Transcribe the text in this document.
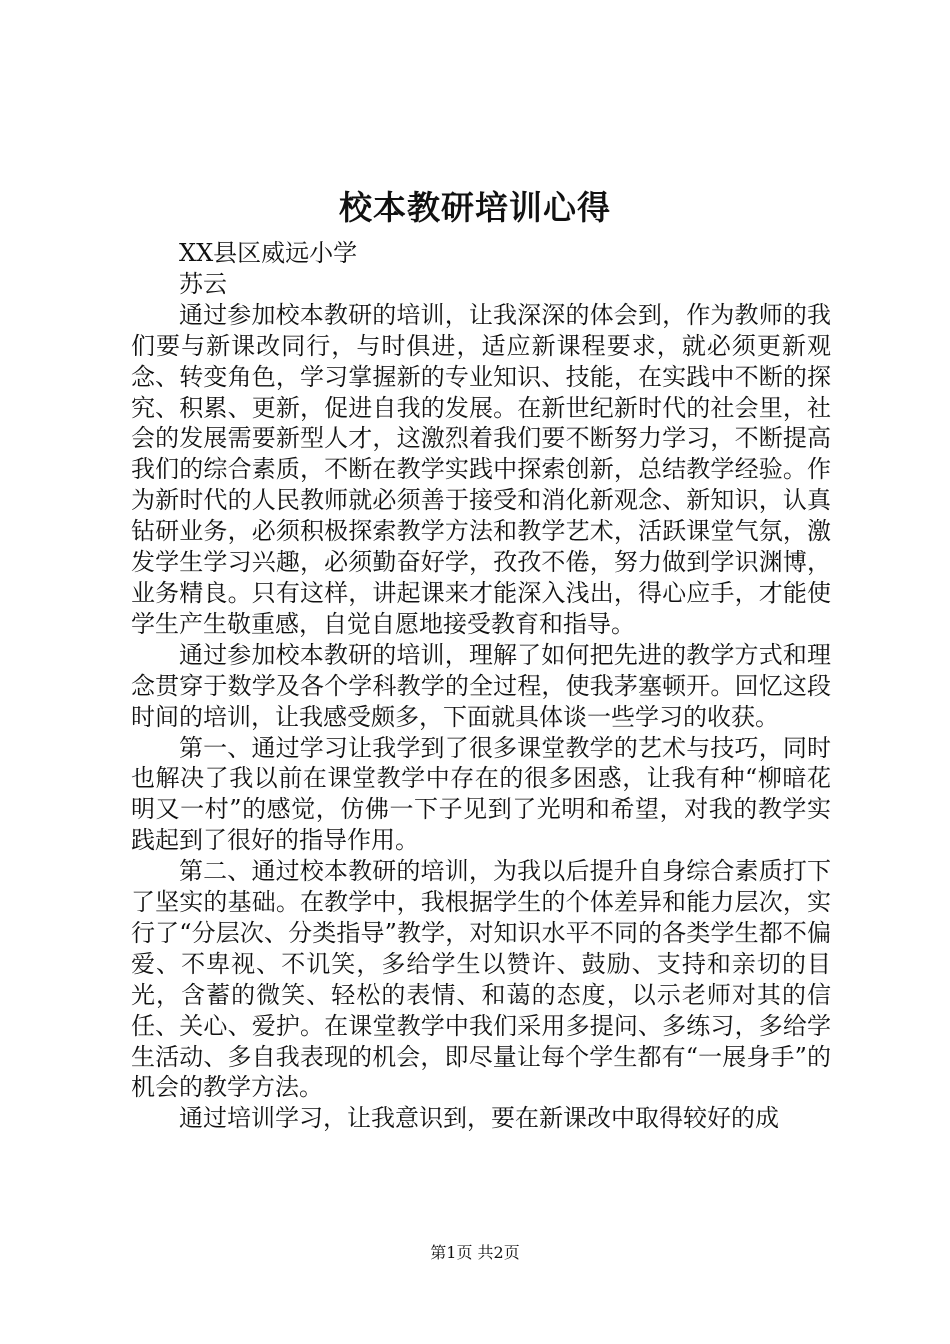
校本教研培训心得

XX县区威远小学

苏云

通过参加校本教研的培训，让我深深的体会到，作为教师的我们要与新课改同行，与时俱进，适应新课程要求，就必须更新观念、转变角色，学习掌握新的专业知识、技能，在实践中不断的探究、积累、更新，促进自我的发展。在新世纪新时代的社会里，社会的发展需要新型人才，这激烈着我们要不断努力学习，不断提高我们的综合素质，不断在教学实践中探索创新，总结教学经验。作为新时代的人民教师就必须善于接受和消化新观念、新知识，认真钻研业务，必须积极探索教学方法和教学艺术，活跃课堂气氛，激发学生学习兴趣，必须勤奋好学，孜孜不倦，努力做到学识渊博，业务精良。只有这样，讲起课来才能深入浅出，得心应手，才能使学生产生敬重感，自觉自愿地接受教育和指导。

通过参加校本教研的培训，理解了如何把先进的教学方式和理念贯穿于数学及各个学科教学的全过程，使我茅塞顿开。回忆这段时间的培训，让我感受颇多，下面就具体谈一些学习的收获。

第一、通过学习让我学到了很多课堂教学的艺术与技巧，同时也解决了我以前在课堂教学中存在的很多困惑，让我有种“柳暗花明又一村”的感觉，仿佛一下子见到了光明和希望，对我的教学实践起到了很好的指导作用。

第二、通过校本教研的培训，为我以后提升自身综合素质打下了坚实的基础。在教学中，我根据学生的个体差异和能力层次，实行了“分层次、分类指导”教学，对知识水平不同的各类学生都不偏爱、不卑视、不讥笑，多给学生以赞许、鼓励、支持和亲切的目光，含蓄的微笑、轻松的表情、和蔼的态度，以示老师对其的信任、关心、爱护。在课堂教学中我们采用多提问、多练习，多给学生活动、多自我表现的机会，即尽量让每个学生都有“一展身手”的机会的教学方法。

通过培训学习，让我意识到，要在新课改中取得较好的成

第1页 共2页
